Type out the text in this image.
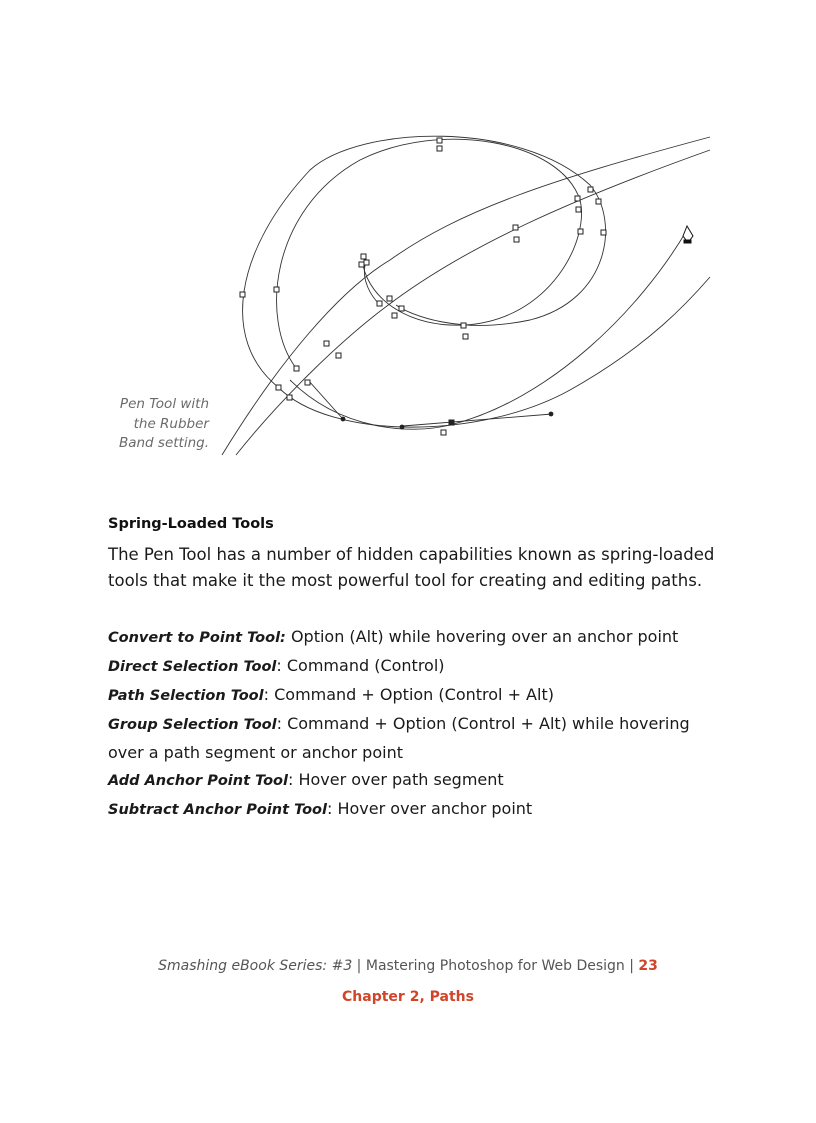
Pen Tool with
the Rubber
Band setting.
Spring-Loaded Tools

The Pen Tool has a number of hidden capabilities known as spring-loaded tools that make it the most powerful tool for creating and editing paths.

Convert to Point Tool: Option (Alt) while hovering over an anchor point
Direct Selection Tool: Command (Control)
Path Selection Tool: Command + Option (Control + Alt)
Group Selection Tool: Command + Option (Control + Alt) while hovering over a path segment or anchor point
Add Anchor Point Tool: Hover over path segment
Subtract Anchor Point Tool: Hover over anchor point
Smashing eBook Series: #3 | Mastering Photoshop for Web Design | 23
Chapter 2, Paths
